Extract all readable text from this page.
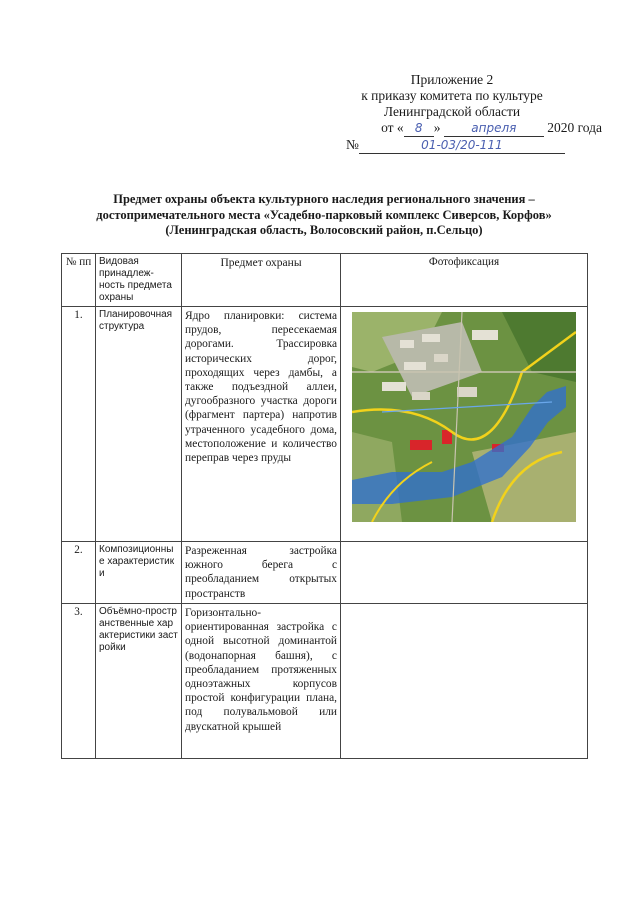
Приложение 2
к приказу комитета по культуре
Ленинградской области
от « 8 »	апреля 2020 года
№	01-03/20-111
Предмет охраны объекта культурного наследия регионального значения –
достопримечательного места «Усадебно-парковый комплекс Сиверсов, Корфов»
(Ленинградская область, Волосовский район, п.Сельцо)
№ пп	Видовая принадлеж-ность предмета охраны	Предмет охраны	Фотофиксация
1.	Планировочная структура	Ядро планировки: система прудов, пересекаемая дорогами. Трассировка исторических дорог, проходящих через дамбы, а также подъездной аллеи, дугообразного участка дороги (фрагмент партера) напротив утраченного усадебного дома, местоположение и количество переправ через пруды	

2.	Композиционные характеристики	Разреженная застройка южного берега с преобладанием открытых пространств	
3.	Объёмно-пространственные характеристики застройки	Горизонтально-ориентированная застройка с одной высотной доминантой (водонапорная башня), с преобладанием протяженных одноэтажных корпусов простой конфигурации плана, под полувальмовой или двускатной крышей	
